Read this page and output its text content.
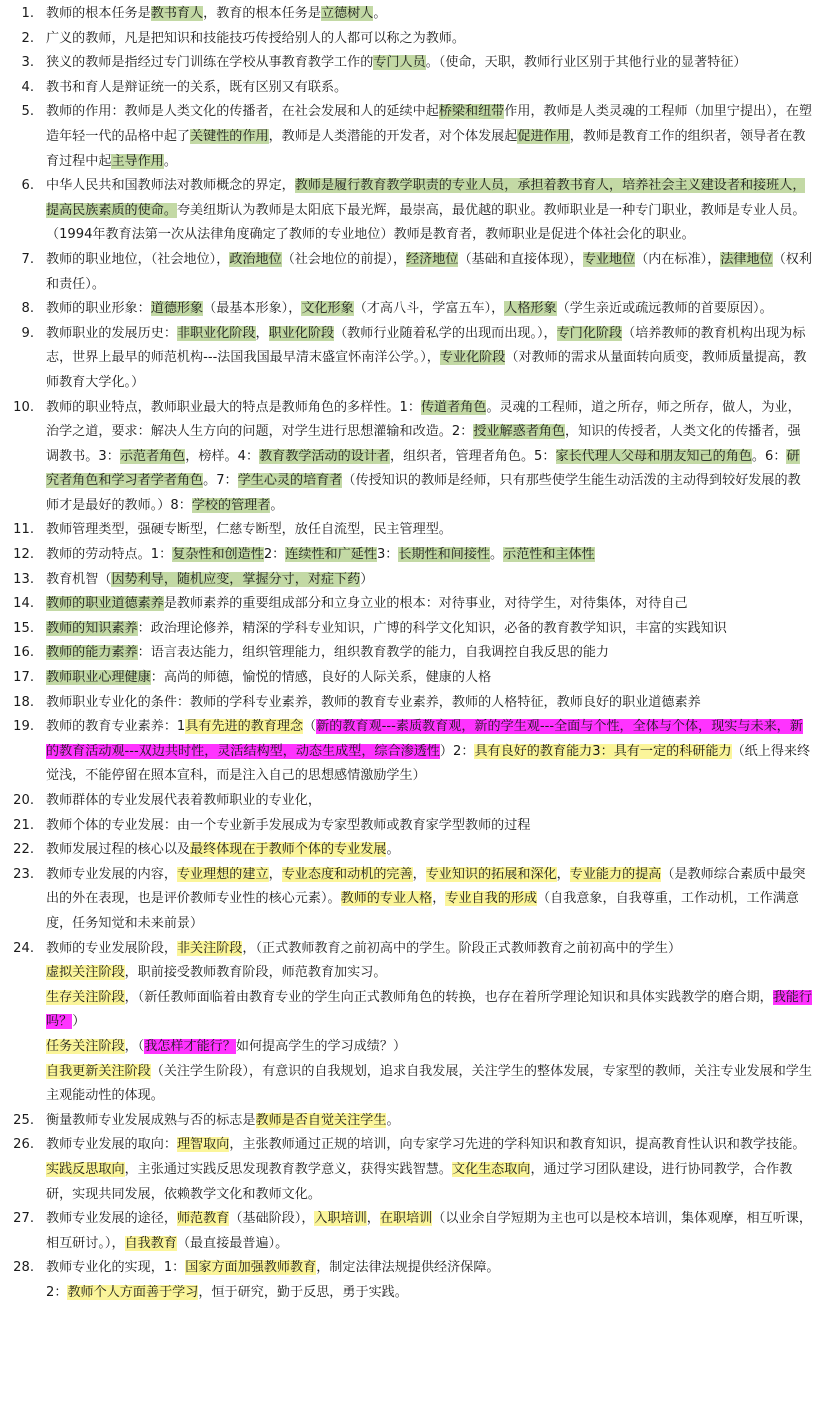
1. 教师的根本任务是教书育人，教育的根本任务是立德树人。
2. 广义的教师，凡是把知识和技能技巧传授给别人的人都可以称之为教师。
3. 狭义的教师是指经过专门训练在学校从事教育教学工作的专门人员。（使命，天职，教师行业区别于其他行业的显著特征）
4. 教书和育人是辩证统一的关系，既有区别又有联系。
5. 教师的作用：教师是人类文化的传播者，在社会发展和人的延续中起桥梁和纽带作用，教师是人类灵魂的工程师（加里宁提出），在塑造年轻一代的品格中起了关键性的作用，教师是人类潜能的开发者，对个体发展起促进作用，教师是教育工作的组织者，领导者在教育过程中起主导作用。
6. 中华人民共和国教师法对教师概念的界定，教师是履行教育教学职责的专业人员，承担着教书育人，培养社会主义建设者和接班人，提高民族素质的使命。夸美纽斯认为教师是太阳底下最光辉，最崇高，最优越的职业。教师职业是一种专门职业，教师是专业人员。（1994年教育法第一次从法律角度确定了教师的专业地位）教师是教育者，教师职业是促进个体社会化的职业。
7. 教师的职业地位，（社会地位），政治地位（社会地位的前提），经济地位（基础和直接体现），专业地位（内在标准），法律地位（权利和责任）。
8. 教师的职业形象：道德形象（最基本形象），文化形象（才高八斗，学富五车），人格形象（学生亲近或疏远教师的首要原因）。
9. 教师职业的发展历史：非职业化阶段，职业化阶段（教师行业随着私学的出现而出现。），专门化阶段（培养教师的教育机构出现为标志，世界上最早的师范机构---法国我国最早清末盛宣怀南洋公学。），专业化阶段（对教师的需求从量面转向质变，教师质量提高，教师教育大学化。）
10. 教师的职业特点，教师职业最大的特点是教师角色的多样性。1：传道者角色。灵魂的工程师，道之所存，师之所存，做人，为业，治学之道，要求：解决人生方向的问题，对学生进行思想灌输和改造。2：授业解惑者角色，知识的传授者，人类文化的传播者，强调教书。3：示范者角色，榜样。4：教育教学活动的设计者，组织者，管理者角色。5：家长代理人父母和朋友知己的角色。6：研究者角色和学习者学者角色。7：学生心灵的培育者（传授知识的教师是经师，只有那些使学生能生动活泼的主动得到较好发展的教师才是最好的教师。）8：学校的管理者。
11. 教师管理类型，强硬专断型，仁慈专断型，放任自流型，民主管理型。
12. 教师的劳动特点。1：复杂性和创造性2：连续性和广延性3：长期性和间接性。示范性和主体性
13. 教育机智（因势利导，随机应变，掌握分寸，对症下药）
14. 教师的职业道德素养是教师素养的重要组成部分和立身立业的根本：对待事业，对待学生，对待集体，对待自己
15. 教师的知识素养：政治理论修养，精深的学科专业知识，广博的科学文化知识，必备的教育教学知识，丰富的实践知识
16. 教师的能力素养：语言表达能力，组织管理能力，组织教育教学的能力，自我调控自我反思的能力
17. 教师职业心理健康：高尚的师德，愉悦的情感，良好的人际关系，健康的人格
18. 教师职业专业化的条件：教师的学科专业素养，教师的教育专业素养，教师的人格特征，教师良好的职业道德素养
19. 教师的教育专业素养：1具有先进的教育理念（新的教育观---素质教育观，新的学生观---全面与个性，全体与个体，现实与未来，新的教育活动观---双边共时性，灵活结构型，动态生成型，综合渗透性）2：具有良好的教育能力3：具有一定的科研能力（纸上得来终觉浅，不能停留在照本宣科，而是注入自己的思想感情激励学生）
20. 教师群体的专业发展代表着教师职业的专业化，
21. 教师个体的专业发展：由一个专业新手发展成为专家型教师或教育家学型教师的过程
22. 教师发展过程的核心以及最终体现在于教师个体的专业发展。
23. 教师专业发展的内容，专业理想的建立，专业态度和动机的完善，专业知识的拓展和深化，专业能力的提高（是教师综合素质中最突出的外在表现，也是评价教师专业性的核心元素）。教师的专业人格，专业自我的形成（自我意象，自我尊重，工作动机，工作满意度，任务知觉和未来前景）
24. 教师的专业发展阶段，非关注阶段，（正式教师教育之前初高中的学生。阶段正式教师教育之前初高中的学生）
虚拟关注阶段，职前接受教师教育阶段，师范教育加实习。
生存关注阶段，（新任教师面临着由教育专业的学生向正式教师角色的转换，也存在着所学理论知识和具体实践教学的磨合期，我能行吗？）
任务关注阶段，（我怎样才能行？如何提高学生的学习成绩？）
自我更新关注阶段（关注学生阶段），有意识的自我规划，追求自我发展，关注学生的整体发展，专家型的教师，关注专业发展和学生主观能动性的体现。
25. 衡量教师专业发展成熟与否的标志是教师是否自觉关注学生。
26. 教师专业发展的取向：理智取向，主张教师通过正规的培训，向专家学习先进的学科知识和教育知识，提高教育性认识和教学技能。实践反思取向，主张通过实践反思发现教育教学意义，获得实践智慧。文化生态取向，通过学习团队建设，进行协同教学，合作教研，实现共同发展，依赖教学文化和教师文化。
27. 教师专业发展的途径，师范教育（基础阶段），入职培训，在职培训（以业余自学短期为主也可以是校本培训，集体观摩，相互听课，相互研讨。），自我教育（最直接最普遍）。
28. 教师专业化的实现，1：国家方面加强教师教育，制定法律法规提供经济保障。
2：教师个人方面善于学习，恒于研究，勤于反思，勇于实践。
